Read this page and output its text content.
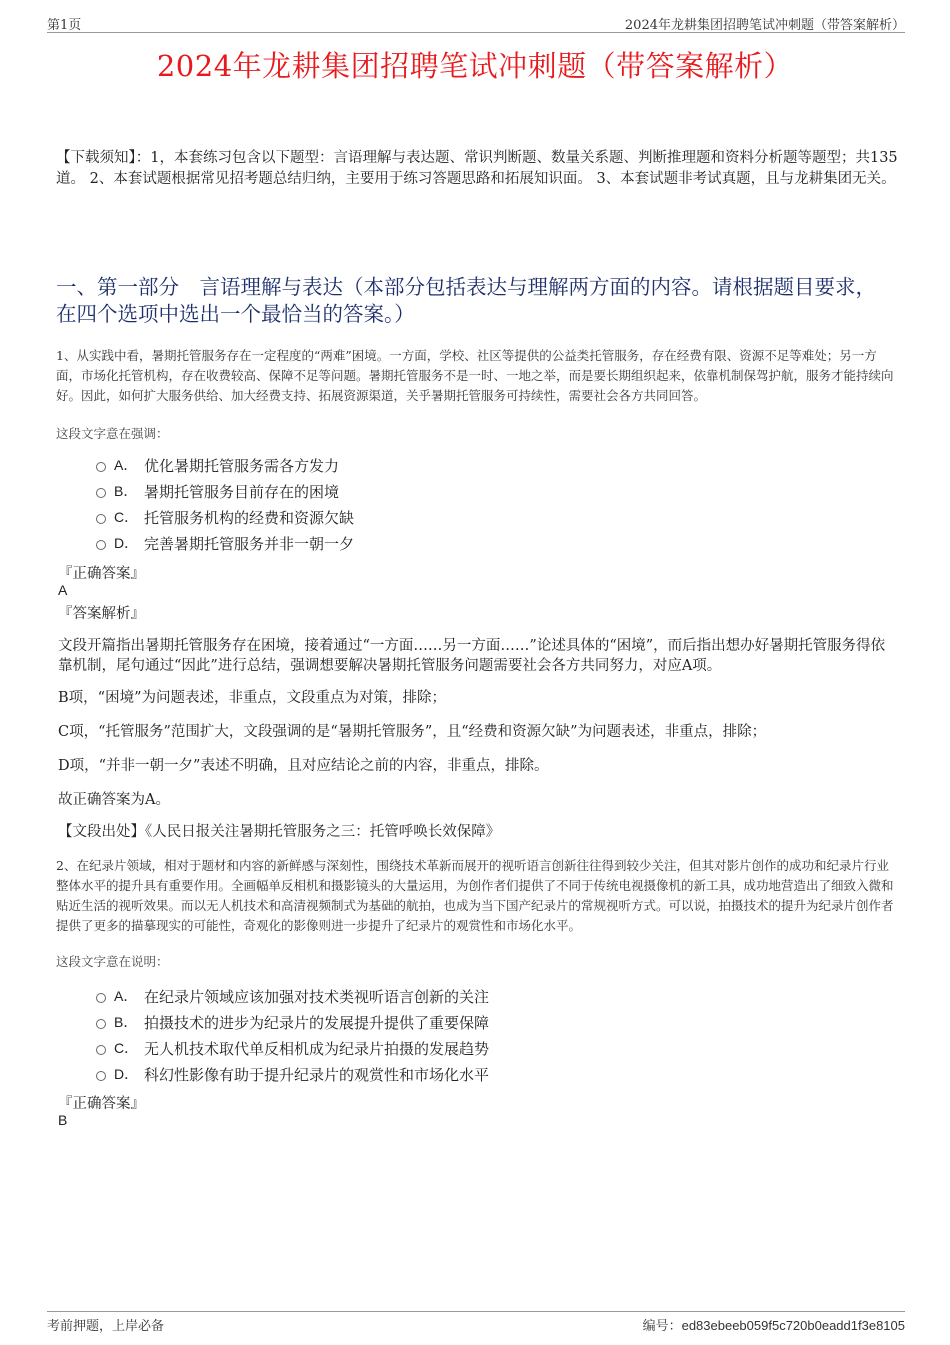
第1页	2024年龙耕集团招聘笔试冲刺题（带答案解析）
2024年龙耕集团招聘笔试冲刺题（带答案解析）
【下载须知】：1，本套练习包含以下题型：言语理解与表达题、常识判断题、数量关系题、判断推理题和资料分析题等题型；共135道。 2、本套试题根据常见招考题总结归纳，主要用于练习答题思路和拓展知识面。 3、本套试题非考试真题，且与龙耕集团无关。
一、第一部分　言语理解与表达（本部分包括表达与理解两方面的内容。请根据题目要求，在四个选项中选出一个最恰当的答案。）
1、从实践中看，暑期托管服务存在一定程度的“两难”困境。一方面，学校、社区等提供的公益类托管服务，存在经费有限、资源不足等难处；另一方面，市场化托管机构，存在收费较高、保障不足等问题。暑期托管服务不是一时、一地之举，而是要长期组织起来，依靠机制保驾护航，服务才能持续向好。因此，如何扩大服务供给、加大经费支持、拓展资源渠道，关乎暑期托管服务可持续性，需要社会各方共同回答。
这段文字意在强调：
A． 优化暑期托管服务需各方发力
B． 暑期托管服务目前存在的困境
C． 托管服务机构的经费和资源欠缺
D． 完善暑期托管服务并非一朝一夕
『正确答案』
A
『答案解析』
文段开篇指出暑期托管服务存在困境，接着通过“一方面……另一方面……”论述具体的“困境”，而后指出想办好暑期托管服务得依靠机制，尾句通过“因此”进行总结，强调想要解决暑期托管服务问题需要社会各方共同努力，对应A项。
B项，“困境”为问题表述，非重点，文段重点为对策，排除；
C项，“托管服务”范围扩大，文段强调的是“暑期托管服务”，且“经费和资源欠缺”为问题表述，非重点，排除；
D项，“并非一朝一夕”表述不明确，且对应结论之前的内容，非重点，排除。
故正确答案为A。
【文段出处】《人民日报关注暑期托管服务之三：托管呼唤长效保障》
2、在纪录片领域，相对于题材和内容的新鲜感与深刻性，围绕技术革新而展开的视听语言创新往往得到较少关注，但其对影片创作的成功和纪录片行业整体水平的提升具有重要作用。全画幅单反相机和摄影镜头的大量运用，为创作者们提供了不同于传统电视摄像机的新工具，成功地营造出了细致入微和贴近生活的视听效果。而以无人机技术和高清视频制式为基础的航拍，也成为当下国产纪录片的常规视听方式。可以说，拍摄技术的提升为纪录片创作者提供了更多的描摹现实的可能性，奇观化的影像则进一步提升了纪录片的观赏性和市场化水平。
这段文字意在说明：
A． 在纪录片领域应该加强对技术类视听语言创新的关注
B． 拍摄技术的进步为纪录片的发展提升提供了重要保障
C． 无人机技术取代单反相机成为纪录片拍摄的发展趋势
D． 科幻性影像有助于提升纪录片的观赏性和市场化水平
『正确答案』
B
考前押题，上岸必备	编号：ed83ebeeb059f5c720b0eadd1f3e8105
